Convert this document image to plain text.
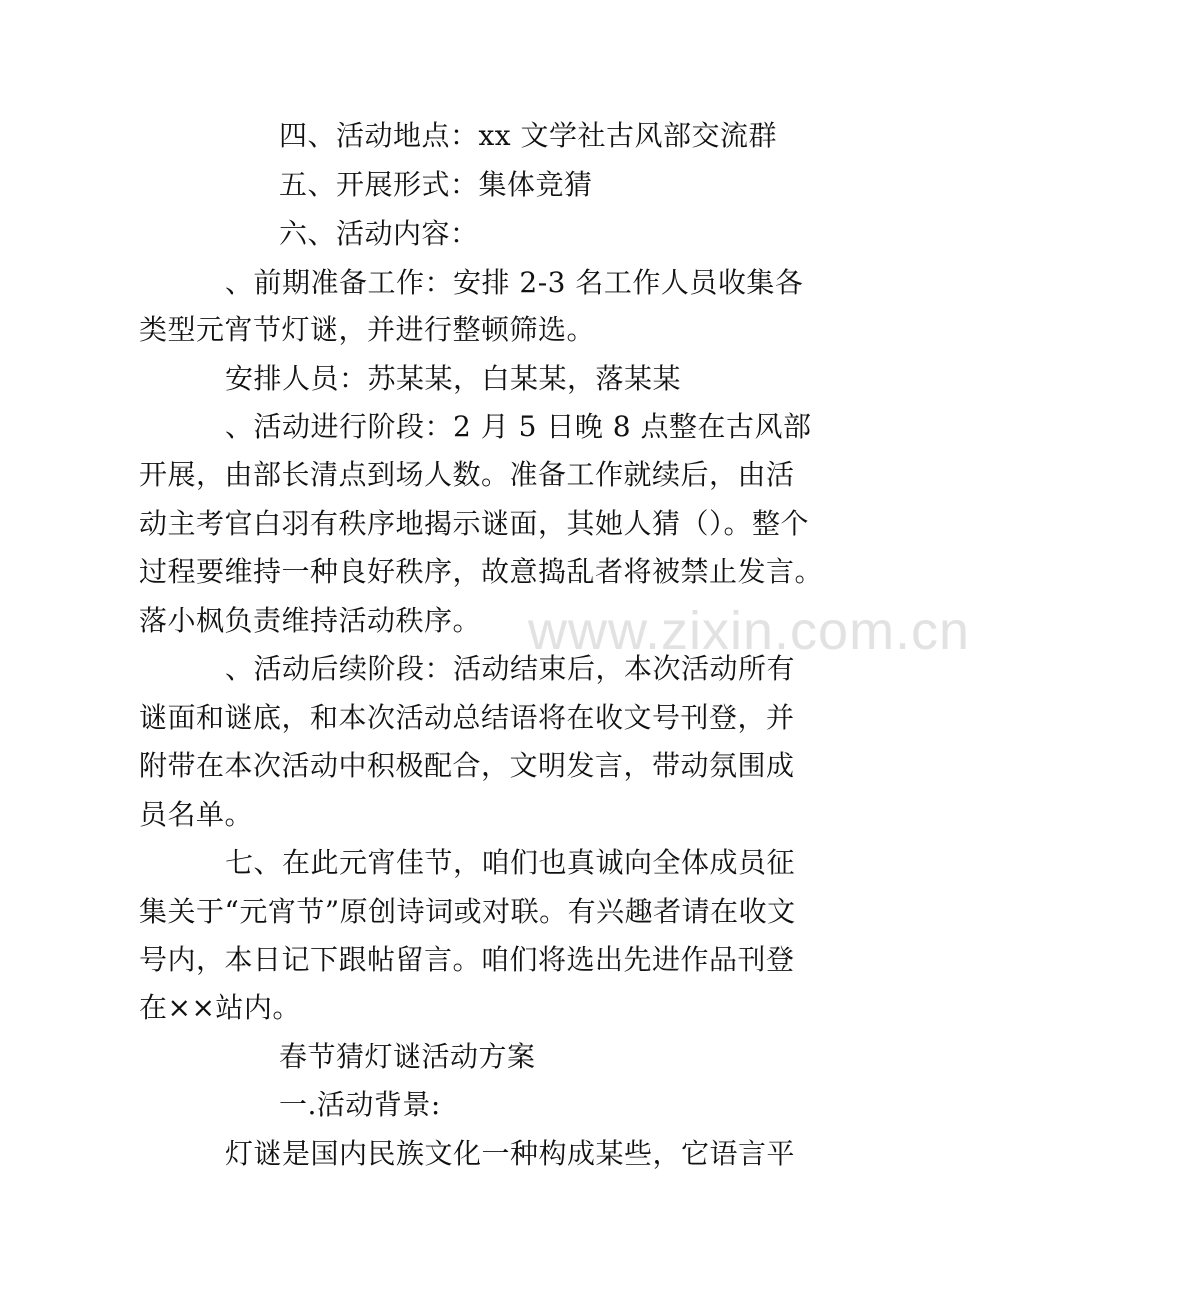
四、活动地点：xx 文学社古风部交流群
五、开展形式：集体竞猜
六、活动内容：
、前期准备工作：安排 2-3 名工作人员收集各
类型元宵节灯谜，并进行整顿筛选。
安排人员：苏某某，白某某，落某某
、活动进行阶段：2 月 5 日晚 8 点整在古风部
开展，由部长清点到场人数。准备工作就续后，由活
动主考官白羽有秩序地揭示谜面，其她人猜（）。整个
过程要维持一种良好秩序，故意捣乱者将被禁止发言。
落小枫负责维持活动秩序。
、活动后续阶段：活动结束后，本次活动所有
谜面和谜底，和本次活动总结语将在收文号刊登，并
附带在本次活动中积极配合，文明发言，带动氛围成
员名单。
七、在此元宵佳节，咱们也真诚向全体成员征
集关于“元宵节”原创诗词或对联。有兴趣者请在收文
号内，本日记下跟帖留言。咱们将选出先进作品刊登
在××站内。
春节猜灯谜活动方案
一.活动背景:
灯谜是国内民族文化一种构成某些，它语言平
www.zixin.com.cn
